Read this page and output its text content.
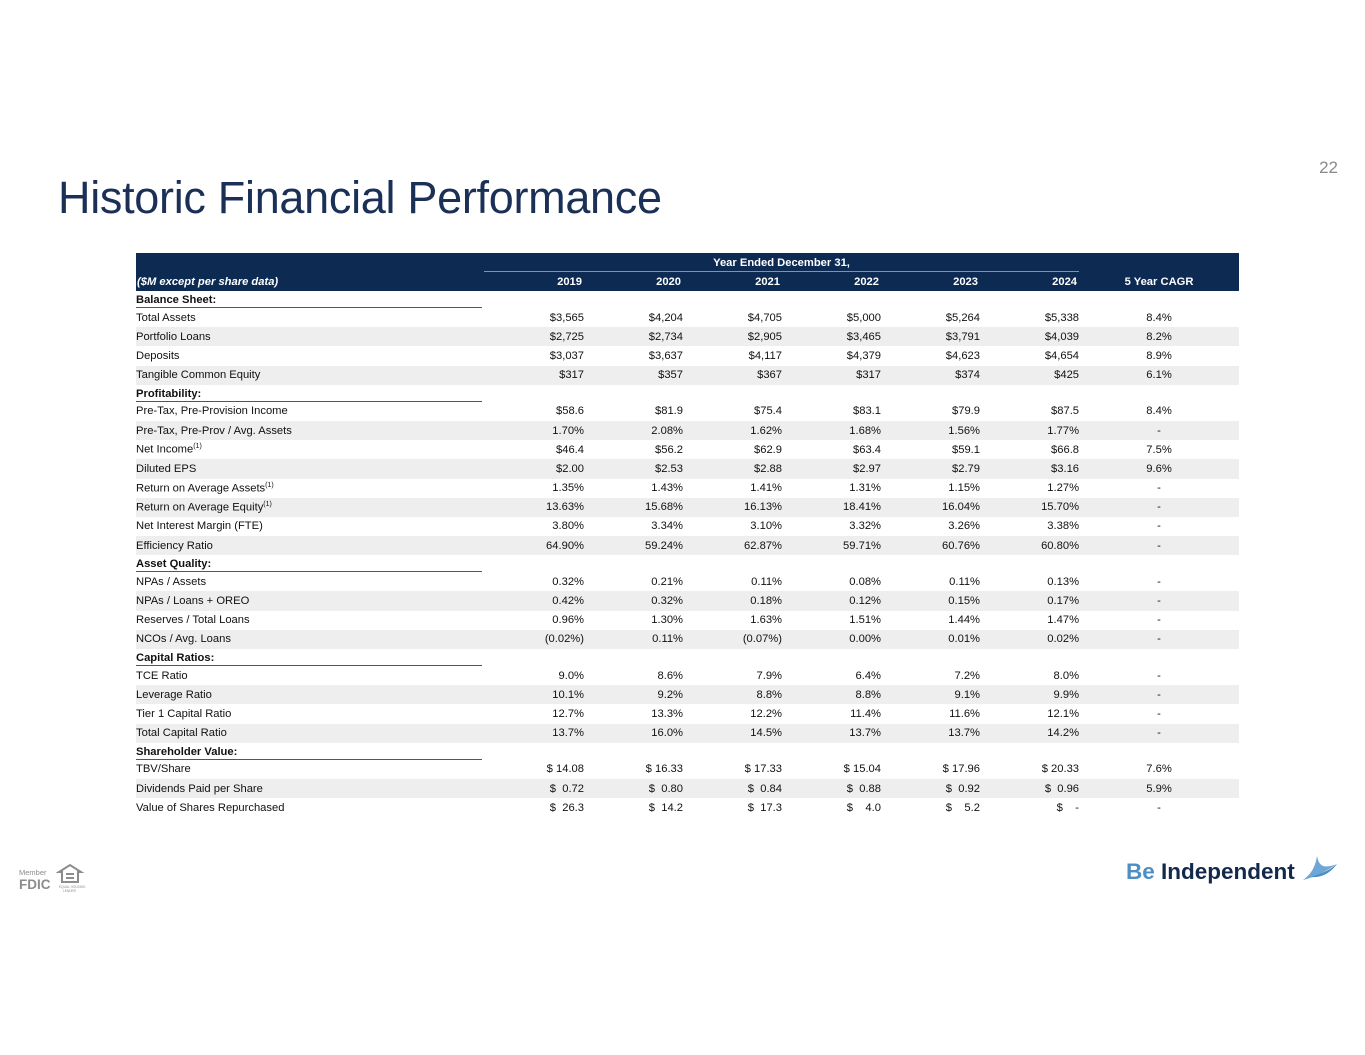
22
Historic Financial Performance

	Year Ended December 31,						

($M except per share data)	2019	2020	2021	2022	2023	2024	5 Year CAGR

Balance Sheet:							

Total Assets	$3,565	$4,204	$4,705	$5,000	$5,264	$5,338	8.4%
Portfolio Loans	$2,725	$2,734	$2,905	$3,465	$3,791	$4,039	8.2%
Deposits	$3,037	$3,637	$4,117	$4,379	$4,623	$4,654	8.9%
Tangible Common Equity	$317	$357	$367	$317	$374	$425	6.1%

Profitability:							

Pre-Tax, Pre-Provision Income	$58.6	$81.9	$75.4	$83.1	$79.9	$87.5	8.4%
Pre-Tax, Pre-Prov / Avg. Assets	1.70%	2.08%	1.62%	1.68%	1.56%	1.77%	-
Net Income$^{(1)}$	$46.4	$56.2	$62.9	$63.4	$59.1	$66.8	7.5%
Diluted EPS	$2.00	$2.53	$2.88	$2.97	$2.79	$3.16	9.6%
Return on Average Assets$^{(1)}$	1.35%	1.43%	1.41%	1.31%	1.15%	1.27%	-
Return on Average Equity$^{(1)}$	13.63%	15.68%	16.13%	18.41%	16.04%	15.70%	-
Net Interest Margin (FTE)	3.80%	3.34%	3.10%	3.32%	3.26%	3.38%	-
Efficiency Ratio	64.90%	59.24%	62.87%	59.71%	60.76%	60.80%	-

Asset Quality:							

NPAs / Assets	0.32%	0.21%	0.11%	0.08%	0.11%	0.13%	-
NPAs / Loans + OREO	0.42%	0.32%	0.18%	0.12%	0.15%	0.17%	-
Reserves / Total Loans	0.96%	1.30%	1.63%	1.51%	1.44%	1.47%	-
NCOs / Avg. Loans	(0.02%)	0.11%	(0.07%)	0.00%	0.01%	0.02%	-

Capital Ratios:							

TCE Ratio	9.0%	8.6%	7.9%	6.4%	7.2%	8.0%	-
Leverage Ratio	10.1%	9.2%	8.8%	8.8%	9.1%	9.9%	-
Tier 1 Capital Ratio	12.7%	13.3%	12.2%	11.4%	11.6%	12.1%	-
Total Capital Ratio	13.7%	16.0%	14.5%	13.7%	13.7%	14.2%	-

Shareholder Value:							

TBV/Share	$ 14.08	$ 16.33	$ 17.33	$ 15.04	$ 17.96	$ 20.33	7.6%
Dividends Paid per Share	$  0.72	$  0.80	$  0.84	$  0.88	$  0.92	$  0.96	5.9%
Value of Shares Repurchased	$  26.3	$  14.2	$  17.3	$    4.0	$    5.2	$    -	-
Member
FDIC	EQUAL HOUSING
LENDER
Be Independent
